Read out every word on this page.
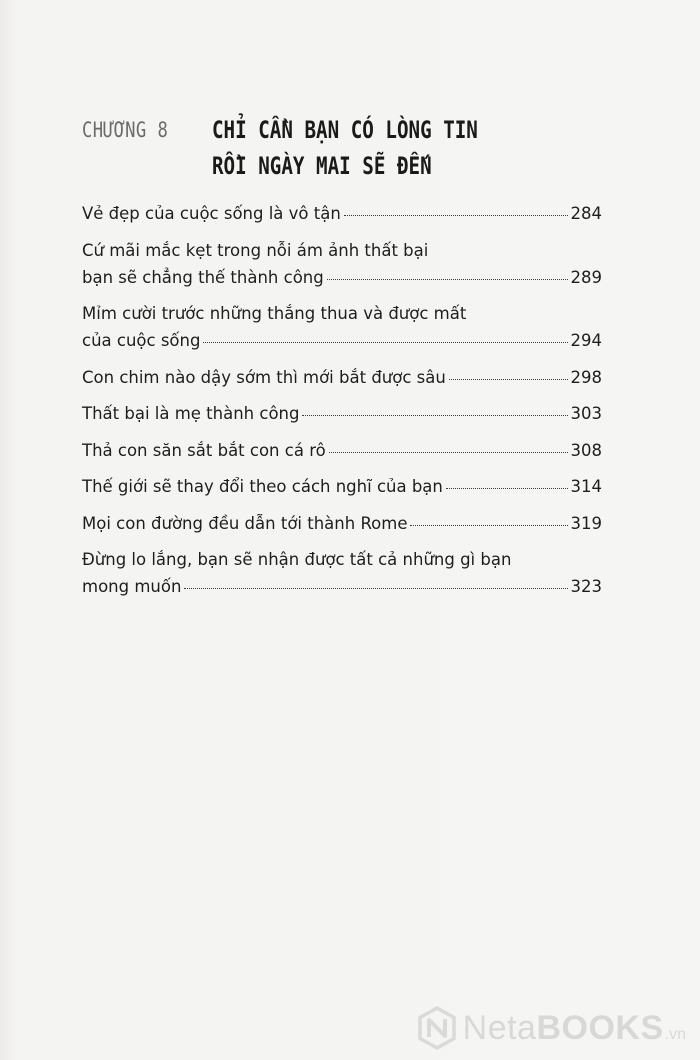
CHƯƠNG 8 CHỈ CẦN BẠN CÓ LÒNG TIN
RỒI NGÀY MAI SẼ ĐẾN
Vẻ đẹp của cuộc sống là vô tận	284
Cứ mãi mắc kẹt trong nỗi ám ảnh thất bại
bạn sẽ chẳng thế thành công	289
Mỉm cười trước những thắng thua và được mất
của cuộc sống	294
Con chim nào dậy sớm thì mới bắt được sâu	298
Thất bại là mẹ thành công	303
Thả con săn sắt bắt con cá rô	308
Thế giới sẽ thay đổi theo cách nghĩ của bạn	314
Mọi con đường đều dẫn tới thành Rome	319
Đừng lo lắng, bạn sẽ nhận được tất cả những gì bạn
mong muốn	323
NetaBOOKS .vn
